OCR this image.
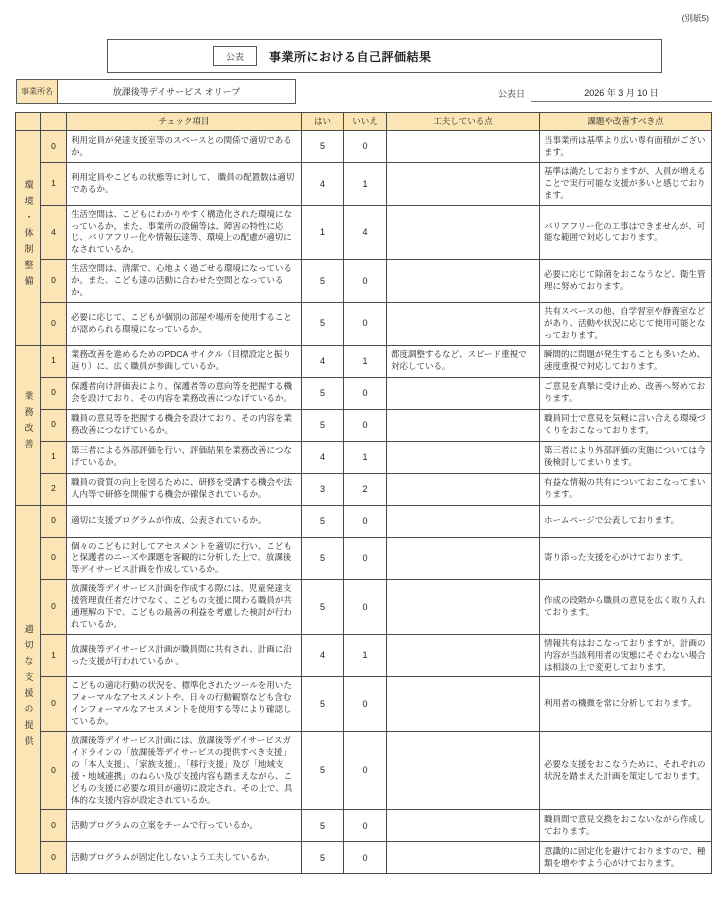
(別紙5)
公表	事業所における自己評価結果
事業所名	放課後等デイサービス オリーブ	公表日	2026 年 3 月 10 日
		チェック項目	はい	いいえ	工夫している点	課題や改善すべき点
環境・体制整備	0	利用定員が発達支援室等のスペースとの関係で適切であるか。	5	0		当事業所は基準より広い専有面積がございます。
	1	利用定員やこどもの状態等に対して、 職員の配置数は適切であるか。	4	1		基準は満たしておりますが、人員が増えることで実行可能な支援が多いと感じております。
	4	生活空間は、こどもにわかりやすく構造化された環境になっているか。また、事業所の設備等は、障害の特性に応じ、バリアフリー化や情報伝達等、環境上の配慮が適切になされているか。	1	4		バリアフリー化の工事はできませんが、可能な範囲で対応しております。
	0	生活空間は、清潔で、心地よく過ごせる環境になっているか。また、こども達の活動に合わせた空間となっているか。	5	0		必要に応じて除菌をおこなうなど、衛生管理に努めております。
	0	必要に応じて、こどもが個別の部屋や場所を使用することが認められる環境になっているか。	5	0		共有スペースの他、自学習室や静養室などがあり、活動や状況に応じて使用可能となっております。
業務改善	1	業務改善を進めるためのPDCA サイクル（目標設定と振り返り）に、広く職員が参画しているか。	4	1	都度調整するなど、スピード重視で対応している。	瞬間的に問題が発生することも多いため、速度重視で対応しております。
	0	保護者向け評価表により、保護者等の意向等を把握する機会を設けており、その内容を業務改善につなげているか。	5	0		ご意見を真摯に受け止め、改善へ努めております。
	0	職員の意見等を把握する機会を設けており、その内容を業務改善につなげているか。	5	0		職員同士で意見を気軽に言い合える環境づくりをおこなっております。
	1	第三者による外部評価を行い、評価結果を業務改善につなげているか。	4	1		第三者により外部評価の実施については今後検討してまいります。
	2	職員の資質の向上を図るために、研修を受講する機会や法人内等で研修を開催する機会が確保されているか。	3	2		有益な情報の共有についておこなってまいります。
適切な支援の提供	0	適切に支援プログラムが作成、公表されているか。	5	0		ホームページで公表しております。
	0	個々のこどもに対してアセスメントを適切に行い、こどもと保護者のニーズや課題を客観的に分析した上で、放課後等デイサービス計画を作成しているか。	5	0		寄り添った支援を心がけております。
	0	放課後等デイサービス計画を作成する際には、児童発達支援管理責任者だけでなく、こどもの支援に関わる職員が共通理解の下で、こどもの最善の利益を考慮した検討が行われているか。	5	0		作成の段階から職員の意見を広く取り入れております。
	1	放課後等デイサービス計画が職員間に共有され、計画に沿った支援が行われているか 。	4	1		情報共有はおこなっておりますが、計画の内容が当該利用者の実態にそぐわない場合は相談の上で変更しております。
	0	こどもの適応行動の状況を、標準化されたツールを用いたフォーマルなアセスメントや、日々の行動観察なども含むインフォーマルなアセスメントを使用する等により確認しているか。	5	0		利用者の機微を常に分析しております。
	0	放課後等デイサービス計画には、放課後等デイサービスガイドラインの「放課後等デイサービスの提供すべき支援」の「本人支援」、「家族支援」、「移行支援」及び「地域支援・地域連携」のねらい及び支援内容も踏まえながら、こどもの支援に必要な項目が適切に設定され、その上で、具体的な支援内容が設定されているか。	5	0		必要な支援をおこなうために、それぞれの状況を踏まえた計画を策定しております。
	0	活動プログラムの立案をチームで行っているか。	5	0		職員間で意見交換をおこないながら作成しております。
	0	活動プログラムが固定化しないよう工夫しているか。	5	0		意識的に固定化を避けておりますので、種類を増やすよう心がけております。
